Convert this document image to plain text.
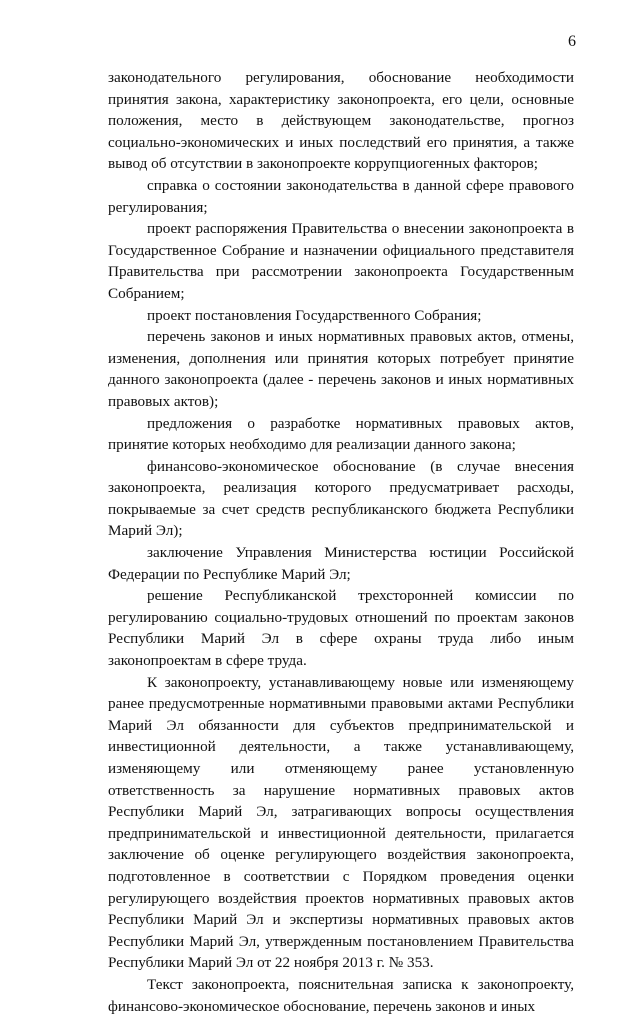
6

законодательного регулирования, обоснование необходимости принятия закона, характеристику законопроекта, его цели, основные положения, место в действующем законодательстве, прогноз социально-экономических и иных последствий его принятия, а также вывод об отсутствии в законопроекте коррупциогенных факторов;

справка о состоянии законодательства в данной сфере правового регулирования;

проект распоряжения Правительства о внесении законопроекта в Государственное Собрание и назначении официального представителя Правительства при рассмотрении законопроекта Государственным Собранием;

проект постановления Государственного Собрания;

перечень законов и иных нормативных правовых актов, отмены, изменения, дополнения или принятия которых потребует принятие данного законопроекта (далее - перечень законов и иных нормативных правовых актов);

предложения о разработке нормативных правовых актов, принятие которых необходимо для реализации данного закона;

финансово-экономическое обоснование (в случае внесения законопроекта, реализация которого предусматривает расходы, покрываемые за счет средств республиканского бюджета Республики Марий Эл);

заключение Управления Министерства юстиции Российской Федерации по Республике Марий Эл;

решение Республиканской трехсторонней комиссии по регулированию социально-трудовых отношений по проектам законов Республики Марий Эл в сфере охраны труда либо иным законопроектам в сфере труда.

К законопроекту, устанавливающему новые или изменяющему ранее предусмотренные нормативными правовыми актами Республики Марий Эл обязанности для субъектов предпринимательской и инвестиционной деятельности, а также устанавливающему, изменяющему или отменяющему ранее установленную ответственность за нарушение нормативных правовых актов Республики Марий Эл, затрагивающих вопросы осуществления предпринимательской и инвестиционной деятельности, прилагается заключение об оценке регулирующего воздействия законопроекта, подготовленное в соответствии с Порядком проведения оценки регулирующего воздействия проектов нормативных правовых актов Республики Марий Эл и экспертизы нормативных правовых актов Республики Марий Эл, утвержденным постановлением Правительства Республики Марий Эл от 22 ноября 2013 г. № 353.

Текст законопроекта, пояснительная записка к законопроекту, финансово-экономическое обоснование, перечень законов и иных
